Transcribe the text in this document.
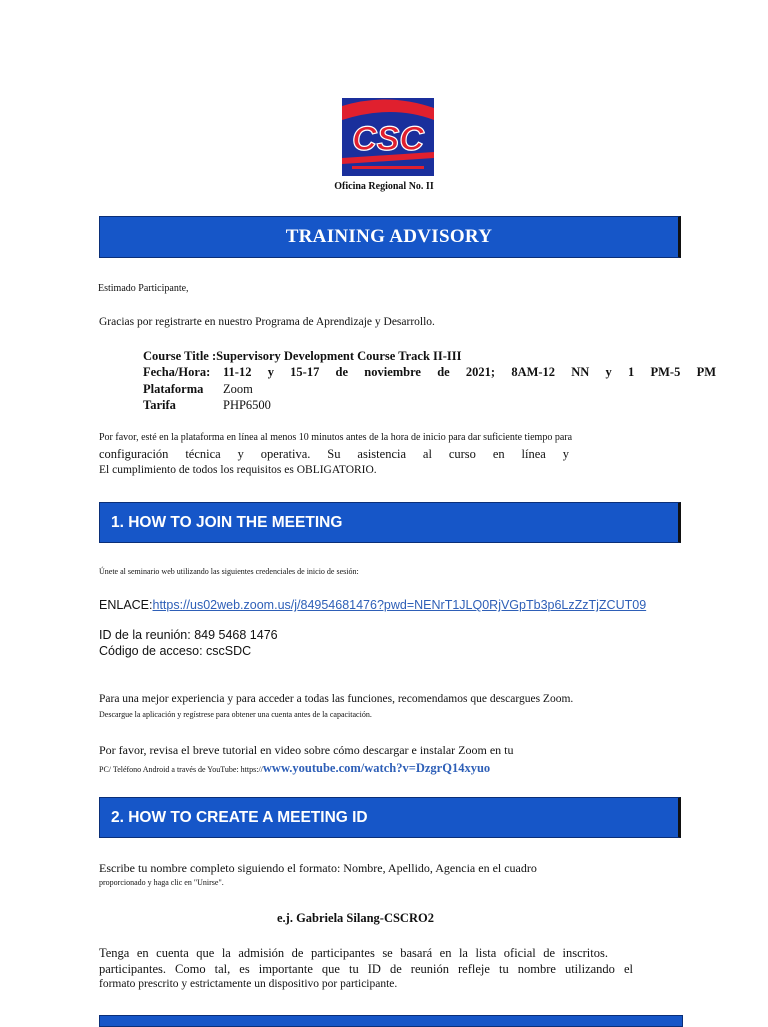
CSC
Oficina Regional No. II
TRAINING ADVISORY
Estimado Participante,
Gracias por registrarte en nuestro Programa de Aprendizaje y Desarrollo.
Course Title : Supervisory Development Course Track II-III
Fecha/Hora:	11-12 y 15-17 de noviembre de 2021; 8AM-12 NN y 1 PM-5 PM
Plataforma	Zoom
Tarifa	PHP6500
Por favor, esté en la plataforma en línea al menos 10 minutos antes de la hora de inicio para dar suficiente tiempo para
configuración técnica y operativa. Su asistencia al curso en línea y
El cumplimiento de todos los requisitos es OBLIGATORIO.
1. HOW TO JOIN THE MEETING
Únete al seminario web utilizando las siguientes credenciales de inicio de sesión:
ENLACE:https://us02web.zoom.us/j/84954681476?pwd=NENrT1JLQ0RjVGpTb3p6LzZzTjZCUT09
ID de la reunión: 849 5468 1476
Código de acceso: cscSDC
Para una mejor experiencia y para acceder a todas las funciones, recomendamos que descargues Zoom.
Descargue la aplicación y regístrese para obtener una cuenta antes de la capacitación.
Por favor, revisa el breve tutorial en video sobre cómo descargar e instalar Zoom en tu
PC/ Teléfono Android a través de YouTube: https://www.youtube.com/watch?v=DzgrQ14xyuo
2. HOW TO CREATE A MEETING ID
Escribe tu nombre completo siguiendo el formato: Nombre, Apellido, Agencia en el cuadro
proporcionado y haga clic en "Unirse".
e.j. Gabriela Silang-CSCRO2
Tenga en cuenta que la admisión de participantes se basará en la lista oficial de inscritos.
participantes. Como tal, es importante que tu ID de reunión refleje tu nombre utilizando el
formato prescrito y estrictamente un dispositivo por participante.
